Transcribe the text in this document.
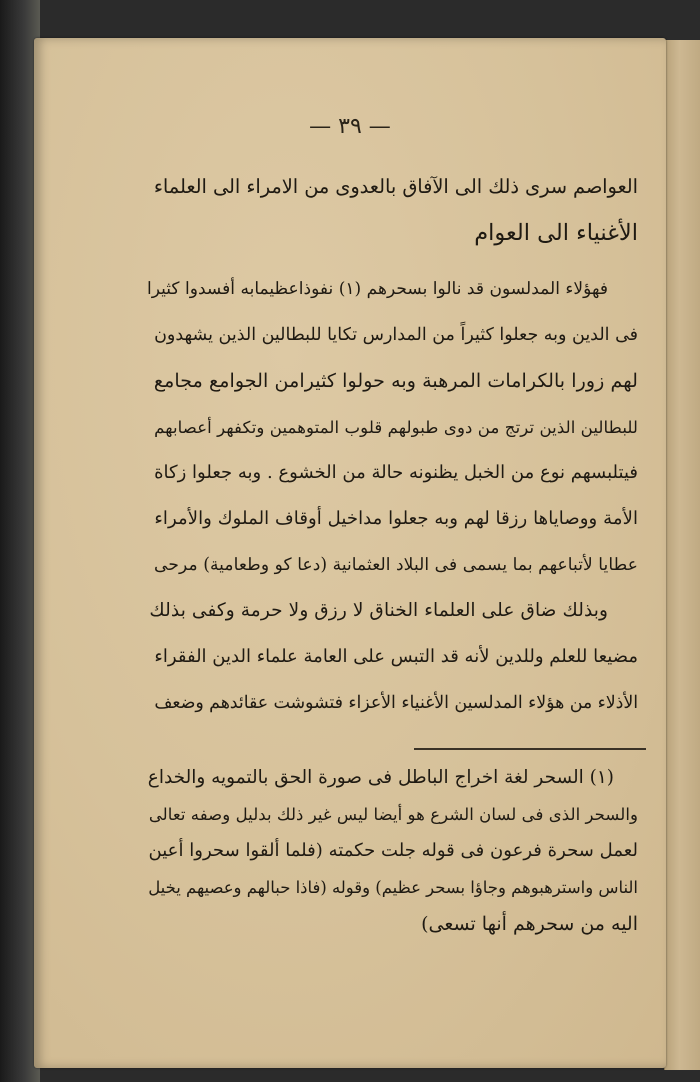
— ٣٩ —
العواصم سرى ذلك الى الآفاق بالعدوى من الامراء الى العلماء
الأغنياء الى العوام
فهؤلاء المدلسون قد نالوا بسحرهم (١) نفوذاعظيمابه أفسدوا كثيرا
فى الدين وبه جعلوا كثيراً من المدارس تكايا للبطالين الذين يشهدون
لهم زورا بالكرامات المرهبة وبه حولوا كثيرامن الجوامع مجامع
للبطالين الذين ترتج من دوى طبولهم قلوب المتوهمين وتكفهر أعصابهم
فيتلبسهم نوع من الخبل يظنونه حالة من الخشوع . وبه جعلوا زكاة
الأمة ووصاياها رزقا لهم وبه جعلوا مداخيل أوقاف الملوك والأمراء
عطايا لأتباعهم بما يسمى فى البلاد العثمانية (دعا كو وطعامية) مرحى
وبذلك ضاق على العلماء الخناق لا رزق ولا حرمة وكفى بذلك
مضيعا للعلم وللدين لأنه قد التبس على العامة علماء الدين الفقراء
الأذلاء من هؤلاء المدلسين الأغنياء الأعزاء فتشوشت عقائدهم وضعف
(١) السحر لغة اخراج الباطل فى صورة الحق بالتمويه والخداع
والسحر الذى فى لسان الشرع هو أيضا ليس غير ذلك بدليل وصفه تعالى
لعمل سحرة فرعون فى قوله جلت حكمته (فلما ألقوا سحروا أعين
الناس واسترهبوهم وجاؤا بسحر عظيم) وقوله (فاذا حبالهم وعصيهم يخيل
اليه من سحرهم أنها تسعى)
